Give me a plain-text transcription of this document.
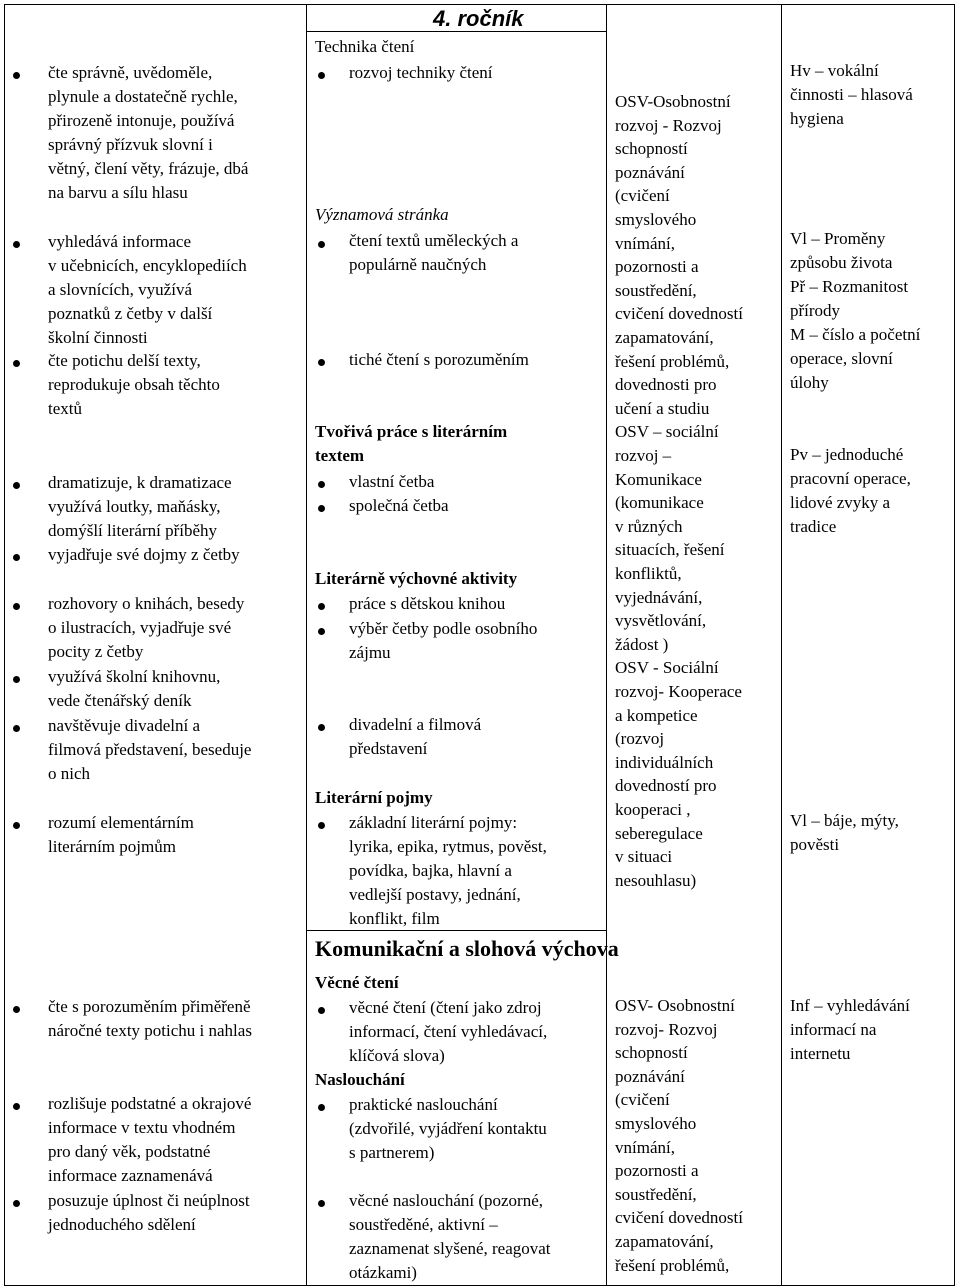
4. ročník
čte správně, uvědoměle,
plynule a dostatečně rychle,
přirozeně intonuje, používá
správný přízvuk slovní i
větný, člení věty, frázuje, dbá
na barvu a sílu hlasu
vyhledává informace
v učebnicích, encyklopediích
a slovnících, využívá
poznatků z četby v další
školní činnosti
čte potichu delší texty,
reprodukuje obsah těchto
textů
dramatizuje, k dramatizace
využívá loutky, maňásky,
domýšlí literární příběhy
vyjadřuje své dojmy z četby
rozhovory o knihách, besedy
o ilustracích, vyjadřuje své
pocity z četby
využívá školní knihovnu,
vede čtenářský deník
navštěvuje divadelní a
filmová představení, beseduje
o nich
rozumí elementárním
literárním pojmům
čte s porozuměním přiměřeně
náročné texty potichu i nahlas
rozlišuje podstatné a okrajové
informace v textu vhodném
pro daný věk, podstatné
informace zaznamenává
posuzuje úplnost či neúplnost
jednoduchého sdělení
Technika čtení
rozvoj techniky čtení
Významová stránka
čtení textů uměleckých a
populárně naučných
tiché čtení s porozuměním
Tvořivá práce s literárním
textem
vlastní četba
společná četba
Literárně výchovné aktivity
práce s dětskou knihou
výběr četby podle osobního
zájmu
divadelní a filmová
představení
Literární pojmy
základní literární pojmy:
lyrika, epika, rytmus, pověst,
povídka, bajka, hlavní a
vedlejší postavy, jednání,
konflikt, film
Komunikační a slohová výchova
Věcné čtení
věcné čtení (čtení jako zdroj
informací, čtení vyhledávací,
klíčová slova)
Naslouchání
praktické naslouchání
(zdvořilé, vyjádření kontaktu
s partnerem)
věcné naslouchání (pozorné,
soustředěné, aktivní –
zaznamenat slyšené, reagovat
otázkami)
OSV-Osobnostní
rozvoj - Rozvoj
schopností
poznávání
(cvičení
smyslového
vnímání,
pozornosti a
soustředění,
cvičení dovedností
zapamatování,
řešení problémů,
dovednosti pro
učení a studiu
OSV – sociální
rozvoj –
Komunikace
(komunikace
v různých
situacích, řešení
konfliktů,
vyjednávání,
vysvětlování,
žádost )
OSV - Sociální
rozvoj- Kooperace
a kompetice
(rozvoj
individuálních
dovedností pro
kooperaci ,
seberegulace
v situaci
nesouhlasu)
OSV- Osobnostní
rozvoj- Rozvoj
schopností
poznávání
(cvičení
smyslového
vnímání,
pozornosti a
soustředění,
cvičení dovedností
zapamatování,
řešení problémů,
Hv – vokální
činnosti – hlasová
hygiena
Vl – Proměny
způsobu života
Př – Rozmanitost
přírody
M – číslo a početní
operace, slovní
úlohy
Pv – jednoduché
pracovní operace,
lidové zvyky a
tradice
Vl – báje, mýty,
pověsti
Inf – vyhledávání
informací na
internetu
